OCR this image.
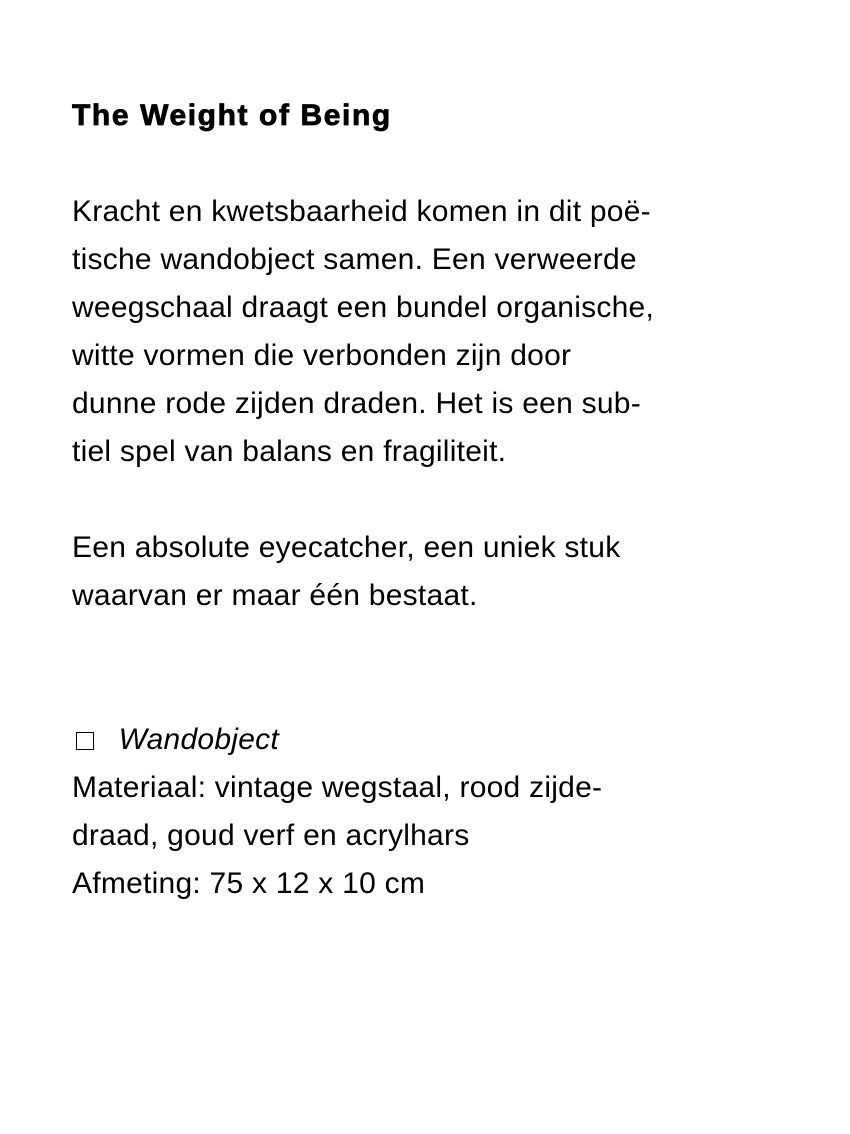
The Weight of Being

Kracht en kwetsbaarheid komen in dit poë-
tische wandobject samen. Een verweerde
weegschaal draagt een bundel organische,
witte vormen die verbonden zijn door
dunne rode zijden draden. Het is een sub-
tiel spel van balans en fragiliteit.

Een absolute eyecatcher, een uniek stuk
waarvan er maar één bestaat.

Wandobject
Materiaal: vintage wegstaal, rood zijde-
draad, goud verf en acrylhars
Afmeting: 75 x 12 x 10 cm
